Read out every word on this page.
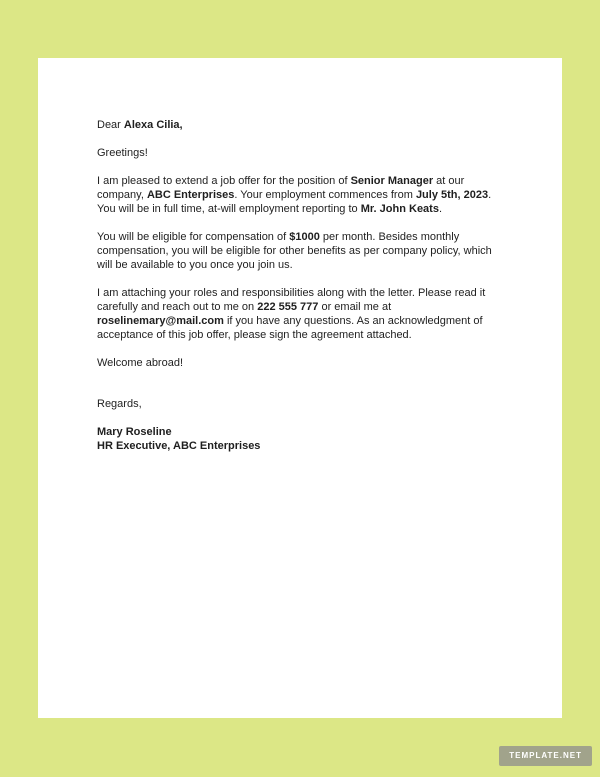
Dear Alexa Cilia,

Greetings!

I am pleased to extend a job offer for the position of Senior Manager at our company, ABC Enterprises. Your employment commences from July 5th, 2023. You will be in full time, at-will employment reporting to Mr. John Keats.

You will be eligible for compensation of $1000 per month. Besides monthly compensation, you will be eligible for other benefits as per company policy, which will be available to you once you join us.

I am attaching your roles and responsibilities along with the letter. Please read it carefully and reach out to me on 222 555 777 or email me at roselinemary@mail.com if you have any questions. As an acknowledgment of acceptance of this job offer, please sign the agreement attached.

Welcome abroad!

Regards,

Mary Roseline

HR Executive, ABC Enterprises

TEMPLATE.NET
